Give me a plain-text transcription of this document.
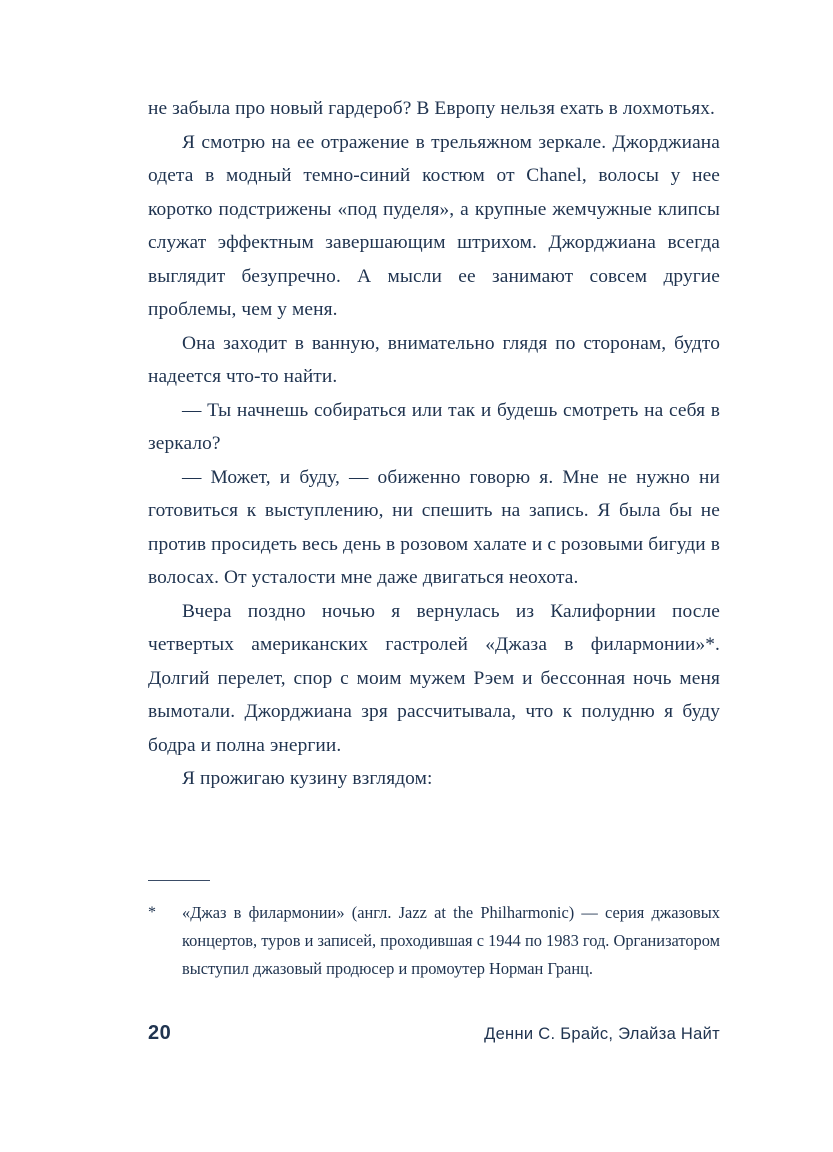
не забыла про новый гардероб? В Европу нельзя ехать в лохмотьях.

Я смотрю на ее отражение в трельяжном зеркале. Джорджиана одета в модный темно-синий костюм от Chanel, волосы у нее коротко подстрижены «под пуделя», а крупные жемчужные клипсы служат эффектным завершающим штрихом. Джорджиана всегда выглядит безупречно. А мысли ее занимают совсем другие проблемы, чем у меня.

Она заходит в ванную, внимательно глядя по сторонам, будто надеется что-то найти.

— Ты начнешь собираться или так и будешь смотреть на себя в зеркало?

— Может, и буду, — обиженно говорю я. Мне не нужно ни готовиться к выступлению, ни спешить на запись. Я была бы не против просидеть весь день в розовом халате и с розовыми бигуди в волосах. От усталости мне даже двигаться неохота.

Вчера поздно ночью я вернулась из Калифорнии после четвертых американских гастролей «Джаза в филармонии»*. Долгий перелет, спор с моим мужем Рэем и бессонная ночь меня вымотали. Джорджиана зря рассчитывала, что к полудню я буду бодра и полна энергии.

Я прожигаю кузину взглядом:

*	«Джаз в филармонии» (англ. Jazz at the Philharmonic) — серия джазовых концертов, туров и записей, проходившая с 1944 по 1983 год. Организатором выступил джазовый продюсер и промоутер Норман Гранц.
20	Денни С. Брайс, Элайза Найт
